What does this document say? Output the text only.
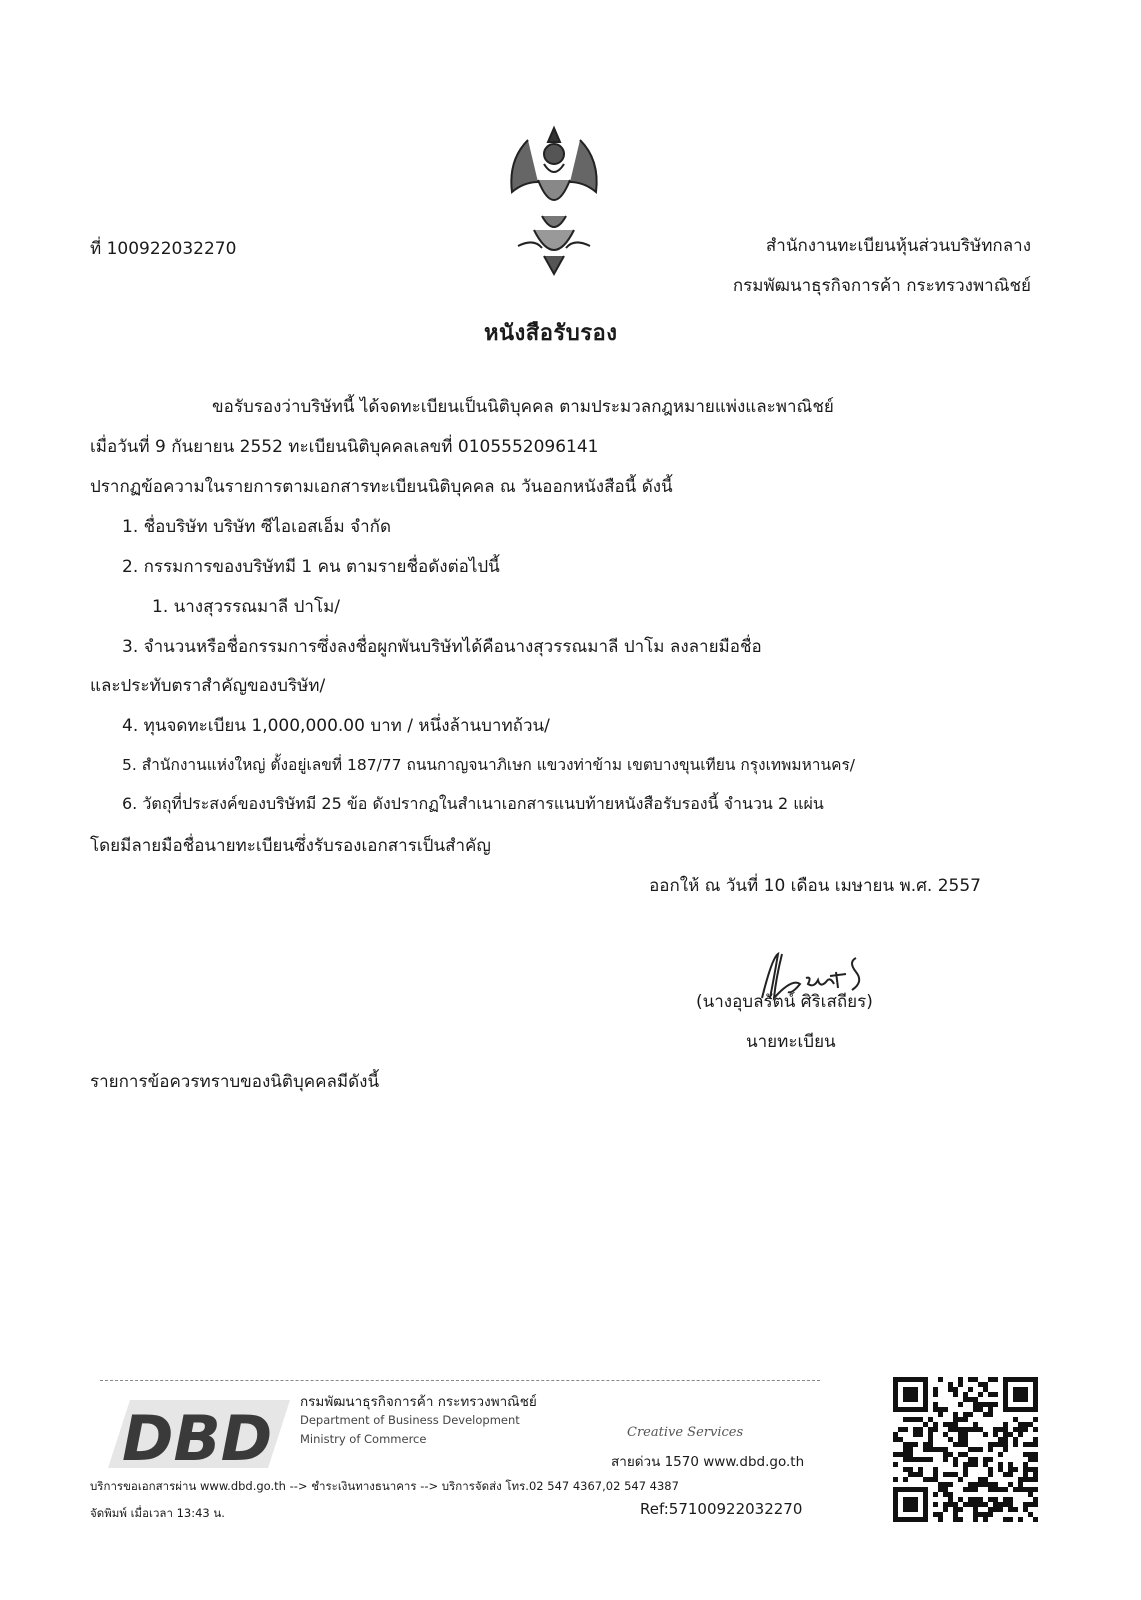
ที่ 100922032270	สำนักงานทะเบียนหุ้นส่วนบริษัทกลาง
กรมพัฒนาธุรกิจการค้า กระทรวงพาณิชย์
หนังสือรับรอง
ขอรับรองว่าบริษัทนี้ ได้จดทะเบียนเป็นนิติบุคคล ตามประมวลกฎหมายแพ่งและพาณิชย์
เมื่อวันที่ 9 กันยายน 2552 ทะเบียนนิติบุคคลเลขที่ 0105552096141
ปรากฏข้อความในรายการตามเอกสารทะเบียนนิติบุคคล ณ วันออกหนังสือนี้ ดังนี้
1. ชื่อบริษัท บริษัท ซีไอเอสเอ็ม จำกัด
2. กรรมการของบริษัทมี 1 คน ตามรายชื่อดังต่อไปนี้
1. นางสุวรรณมาลี ปาโม/
3. จำนวนหรือชื่อกรรมการซึ่งลงชื่อผูกพันบริษัทได้คือนางสุวรรณมาลี ปาโม ลงลายมือชื่อ
และประทับตราสำคัญของบริษัท/
4. ทุนจดทะเบียน 1,000,000.00 บาท / หนึ่งล้านบาทถ้วน/
5. สำนักงานแห่งใหญ่ ตั้งอยู่เลขที่ 187/77 ถนนกาญจนาภิเษก แขวงท่าข้าม เขตบางขุนเทียน กรุงเทพมหานคร/
6. วัตถุที่ประสงค์ของบริษัทมี 25 ข้อ ดังปรากฏในสำเนาเอกสารแนบท้ายหนังสือรับรองนี้ จำนวน 2 แผ่น
โดยมีลายมือชื่อนายทะเบียนซึ่งรับรองเอกสารเป็นสำคัญ
ออกให้ ณ วันที่ 10 เดือน เมษายน พ.ศ. 2557
(นางอุบลรัตน์ ศิริเสถียร)
นายทะเบียน
รายการข้อควรทราบของนิติบุคคลมีดังนี้
DBD กรมพัฒนาธุรกิจการค้า กระทรวงพาณิชย์
Department of Business Development
Ministry of Commerce	Creative Services
สายด่วน 1570 www.dbd.go.th
บริการขอเอกสารผ่าน www.dbd.go.th --> ชำระเงินทางธนาคาร --> บริการจัดส่ง โทร.02 547 4367,02 547 4387
จัดพิมพ์ เมื่อเวลา 13:43 น.	Ref:57100922032270
